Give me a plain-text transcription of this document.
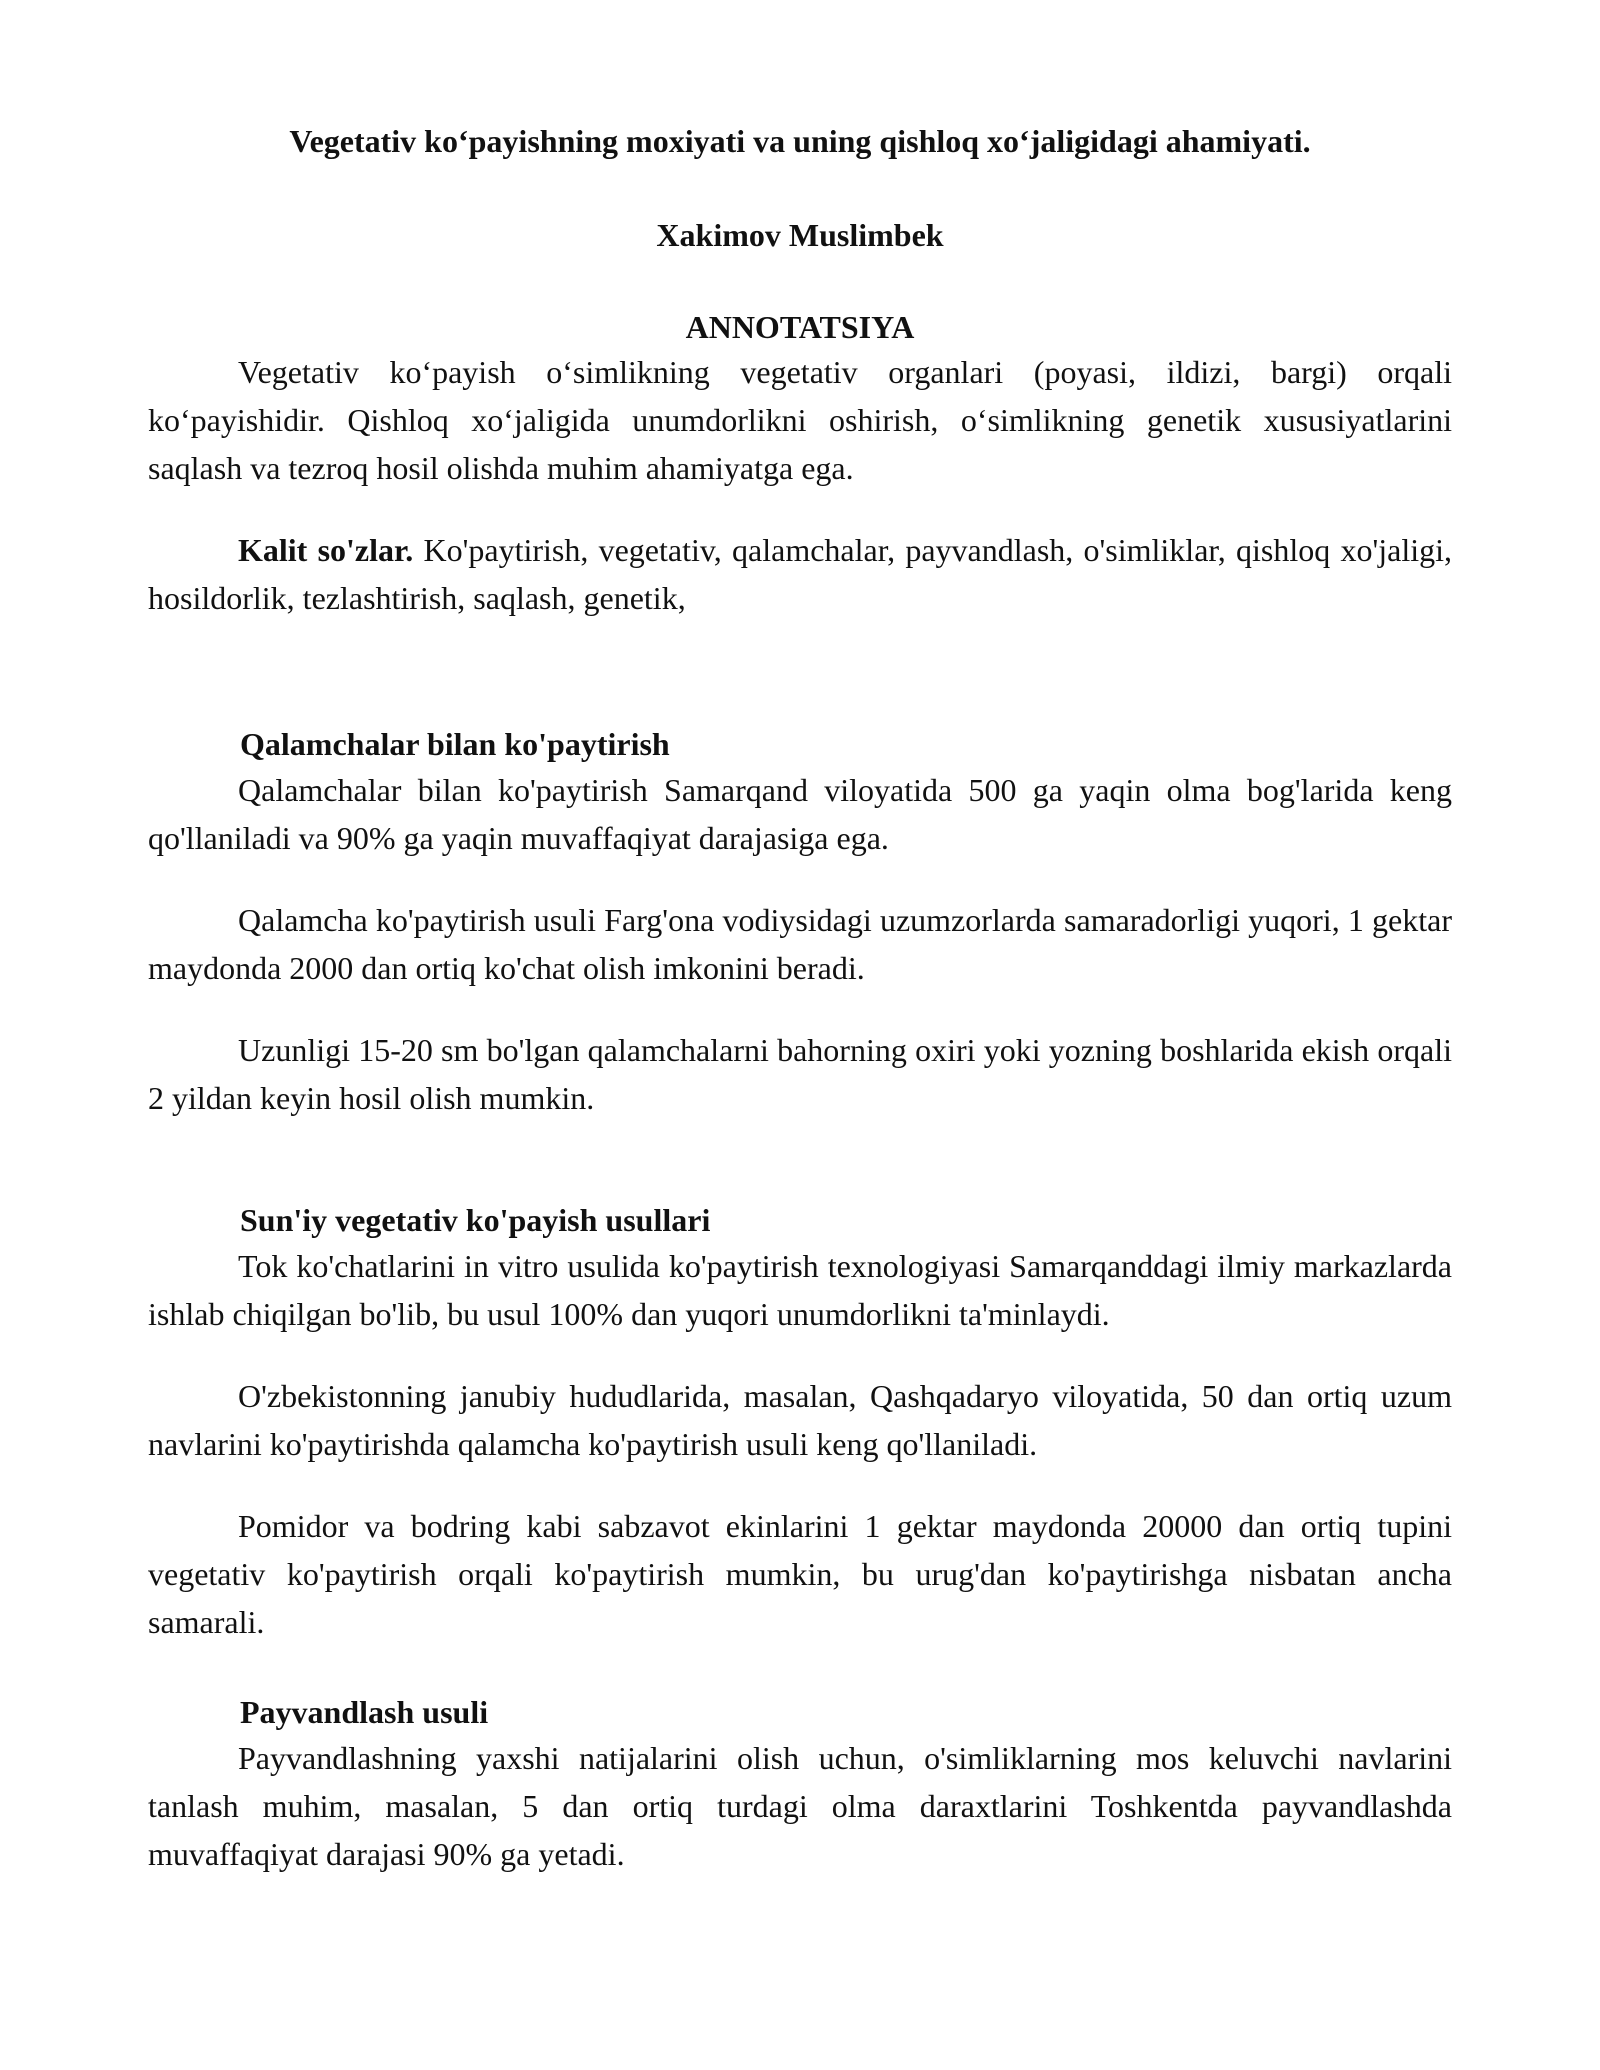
Vegetativ koʻpayishning moxiyati va uning qishloq xoʻjaligidagi ahamiyati.
Xakimov Muslimbek
ANNOTATSIYA

Vegetativ koʻpayish oʻsimlikning vegetativ organlari (poyasi, ildizi, bargi) orqali koʻpayishidir. Qishloq xoʻjaligida unumdorlikni oshirish, oʻsimlikning genetik xususiyatlarini saqlash va tezroq hosil olishda muhim ahamiyatga ega.

Kalit so'zlar. Ko'paytirish, vegetativ, qalamchalar, payvandlash, o'simliklar, qishloq xo'jaligi, hosildorlik, tezlashtirish, saqlash, genetik,

Qalamchalar bilan ko'paytirish

Qalamchalar bilan ko'paytirish Samarqand viloyatida 500 ga yaqin olma bog'larida keng qo'llaniladi va 90% ga yaqin muvaffaqiyat darajasiga ega.

Qalamcha ko'paytirish usuli Farg'ona vodiysidagi uzumzorlarda samaradorligi yuqori, 1 gektar maydonda 2000 dan ortiq ko'chat olish imkonini beradi.

Uzunligi 15-20 sm bo'lgan qalamchalarni bahorning oxiri yoki yozning boshlarida ekish orqali 2 yildan keyin hosil olish mumkin.

Sun'iy vegetativ ko'payish usullari

Tok ko'chatlarini in vitro usulida ko'paytirish texnologiyasi Samarqanddagi ilmiy markazlarda ishlab chiqilgan bo'lib, bu usul 100% dan yuqori unumdorlikni ta'minlaydi.

O'zbekistonning janubiy hududlarida, masalan, Qashqadaryo viloyatida, 50 dan ortiq uzum navlarini ko'paytirishda qalamcha ko'paytirish usuli keng qo'llaniladi.

Pomidor va bodring kabi sabzavot ekinlarini 1 gektar maydonda 20000 dan ortiq tupini vegetativ ko'paytirish orqali ko'paytirish mumkin, bu urug'dan ko'paytirishga nisbatan ancha samarali.

Payvandlash usuli

Payvandlashning yaxshi natijalarini olish uchun, o'simliklarning mos keluvchi navlarini tanlash muhim, masalan, 5 dan ortiq turdagi olma daraxtlarini Toshkentda payvandlashda muvaffaqiyat darajasi 90% ga yetadi.
